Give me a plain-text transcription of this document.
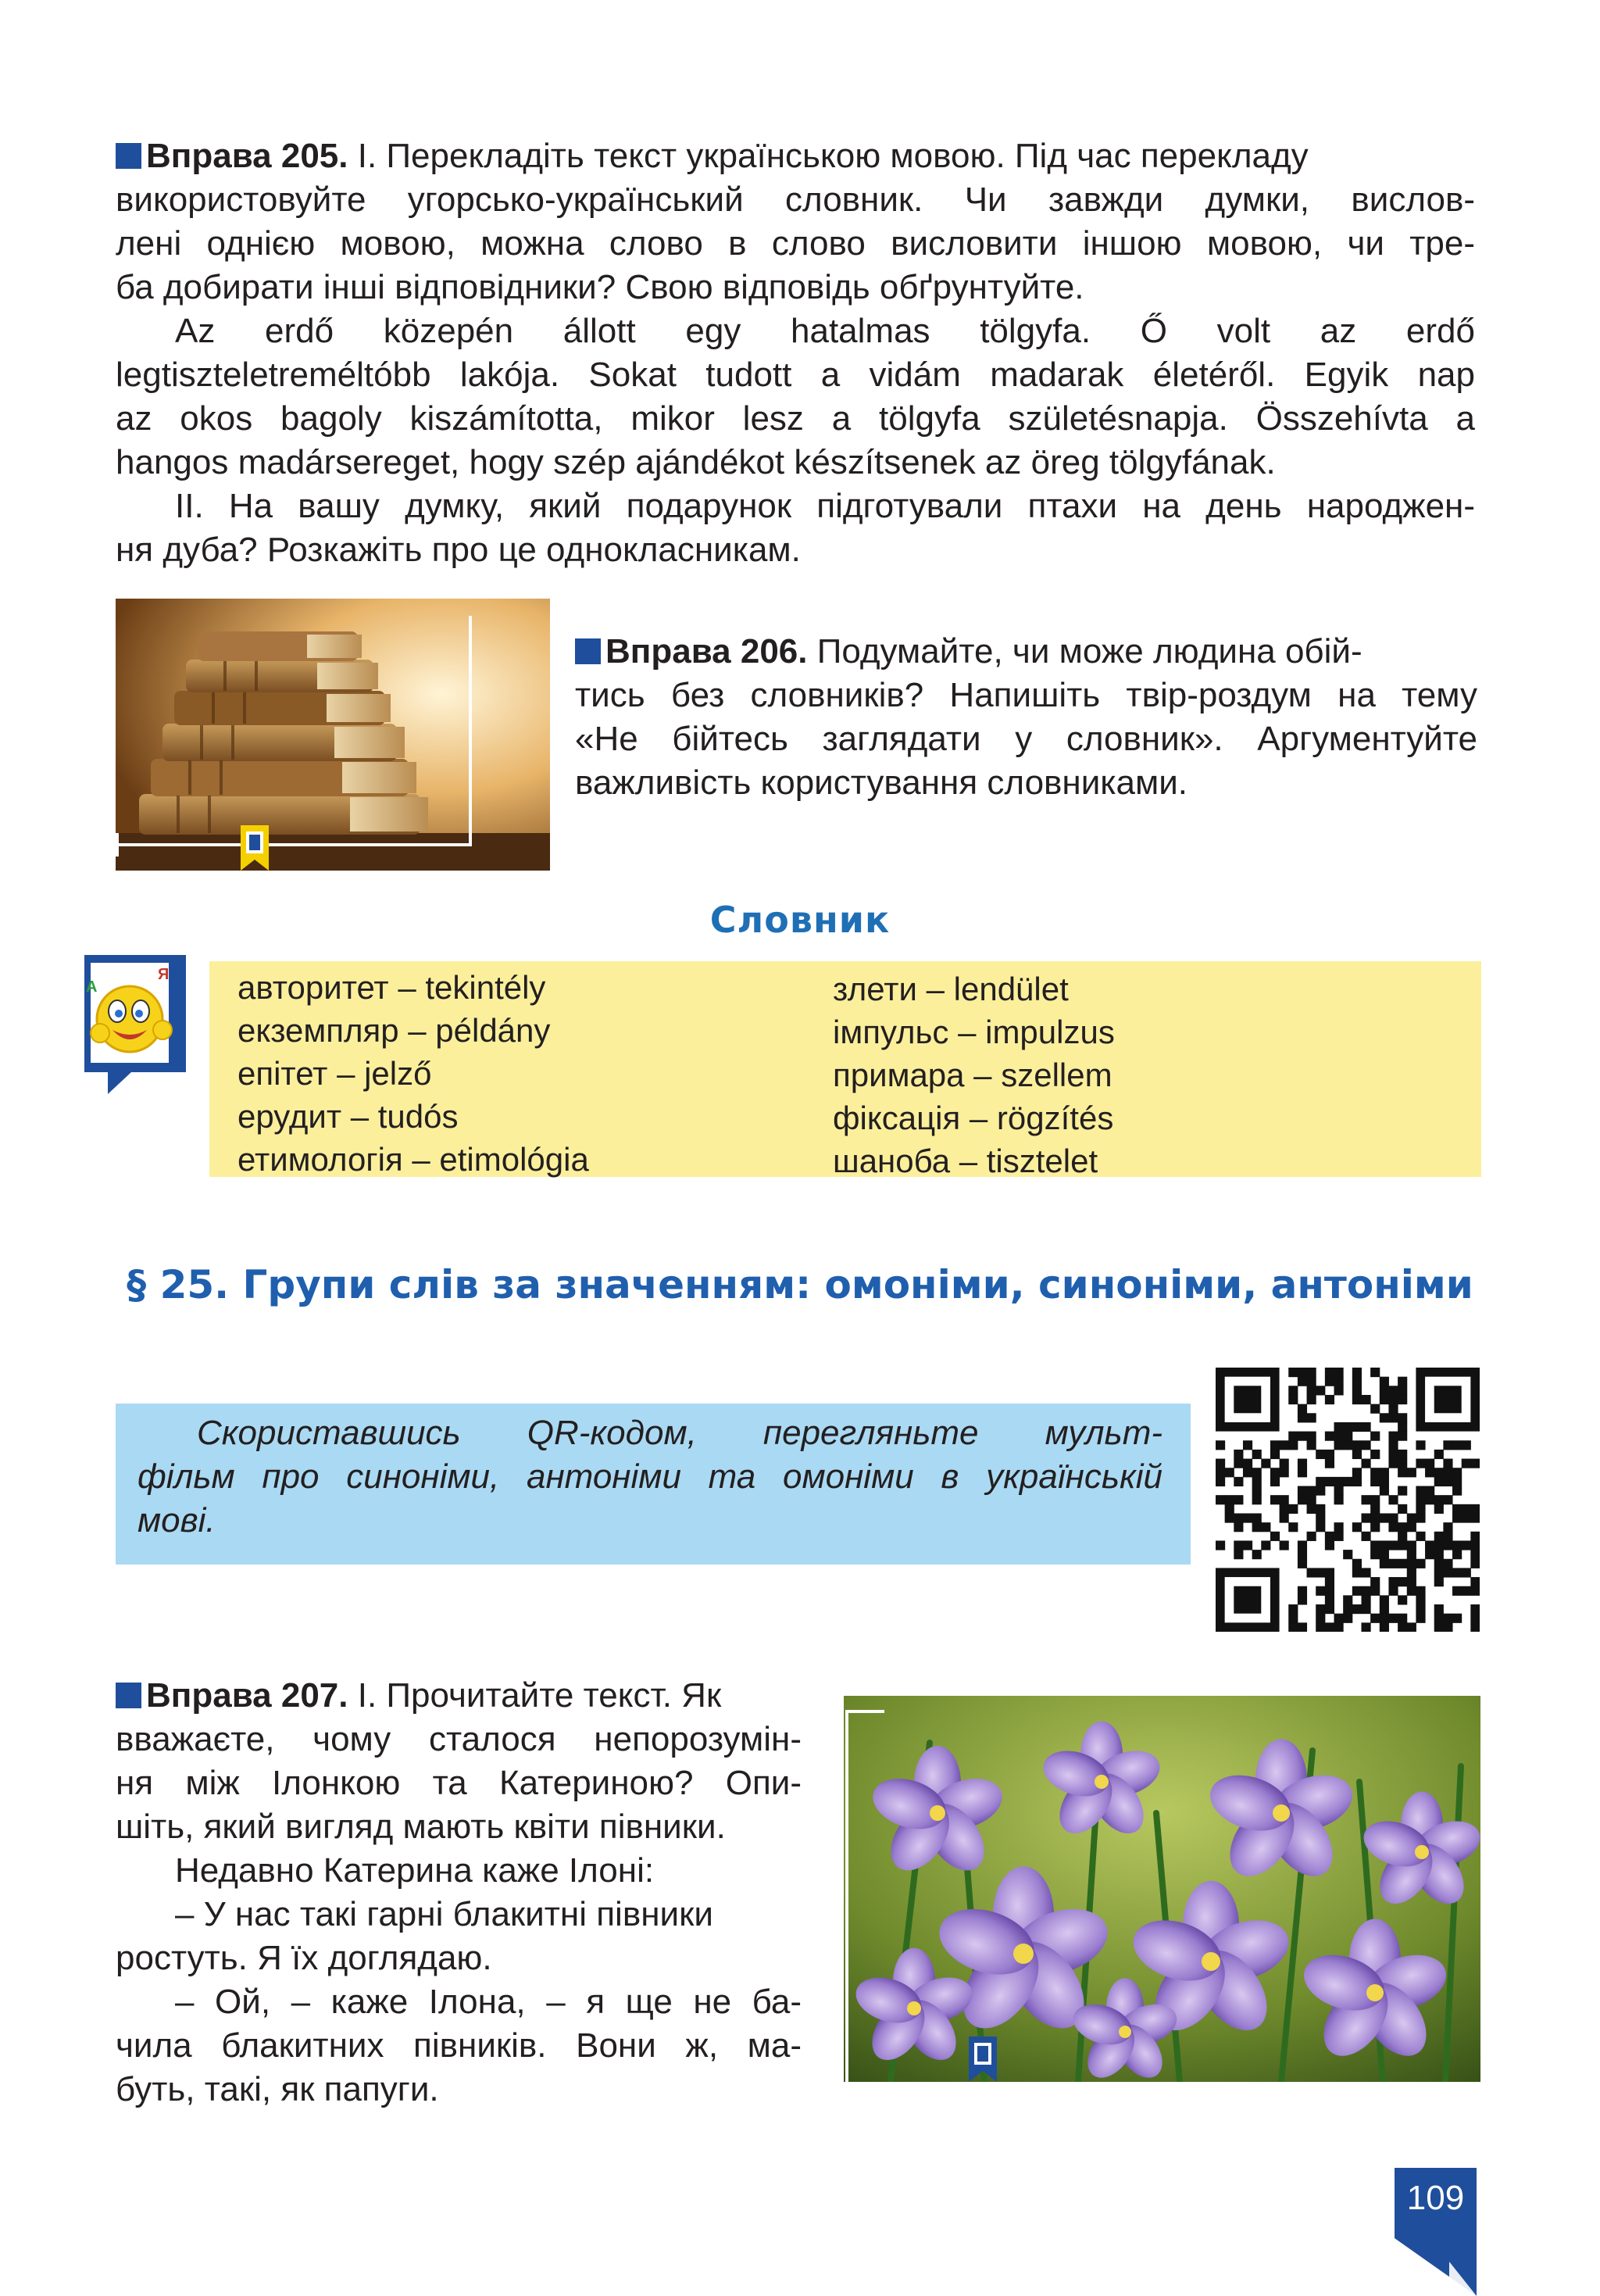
Вправа 205. І. Перекладіть текст українською мовою. Під час перекладу
використовуйте угорсько-український словник. Чи завжди думки, вислов-
лені однією мовою, можна слово в слово висловити іншою мовою, чи тре-
ба добирати інші відповідники? Свою відповідь обґрунтуйте.
Az erdő közepén állott egy hatalmas tölgyfa. Ő volt az erdő
legtiszteletreméltóbb lakója. Sokat tudott a vidám madarak életéről. Egyik nap
az okos bagoly kiszámította, mikor lesz a tölgyfa születésnapja. Összehívta a
hangos madársereget, hogy szép ajándékot készítsenek az öreg tölgyfának.
ІІ. На вашу думку, який подарунок підготували птахи на день народжен-
ня дуба? Розкажіть про це однокласникам.
Вправа 206. Подумайте, чи може людина обій-
тись без словників? Напишіть твір-роздум на тему
«Не бійтесь заглядати у словник». Аргументуйте
важливість користування словниками.
Словник
А
Я авторитет – tekintély
екземпляр – példány
епітет – jelző
ерудит – tudós
етимологія – etimológia
злети – lendület
імпульс – impulzus
примара – szellem
фіксація – rögzítés
шаноба – tisztelet
§ 25. Групи слів за значенням: омоніми, синоніми, антоніми
Скориставшись QR-кодом, перегляньте мульт-
фільм про синоніми, антоніми та омоніми в українській
мові.
Вправа 207. І. Прочитайте текст. Як
вважаєте, чому сталося непорозумін-
ня між Ілонкою та Катериною? Опи-
шіть, який вигляд мають квіти півники.
Недавно Катерина каже Ілоні:
– У нас такі гарні блакитні півники
ростуть. Я їх доглядаю.
– Ой, – каже Ілона, – я ще не ба-
чила блакитних півників. Вони ж, ма-
буть, такі, як папуги.
109
